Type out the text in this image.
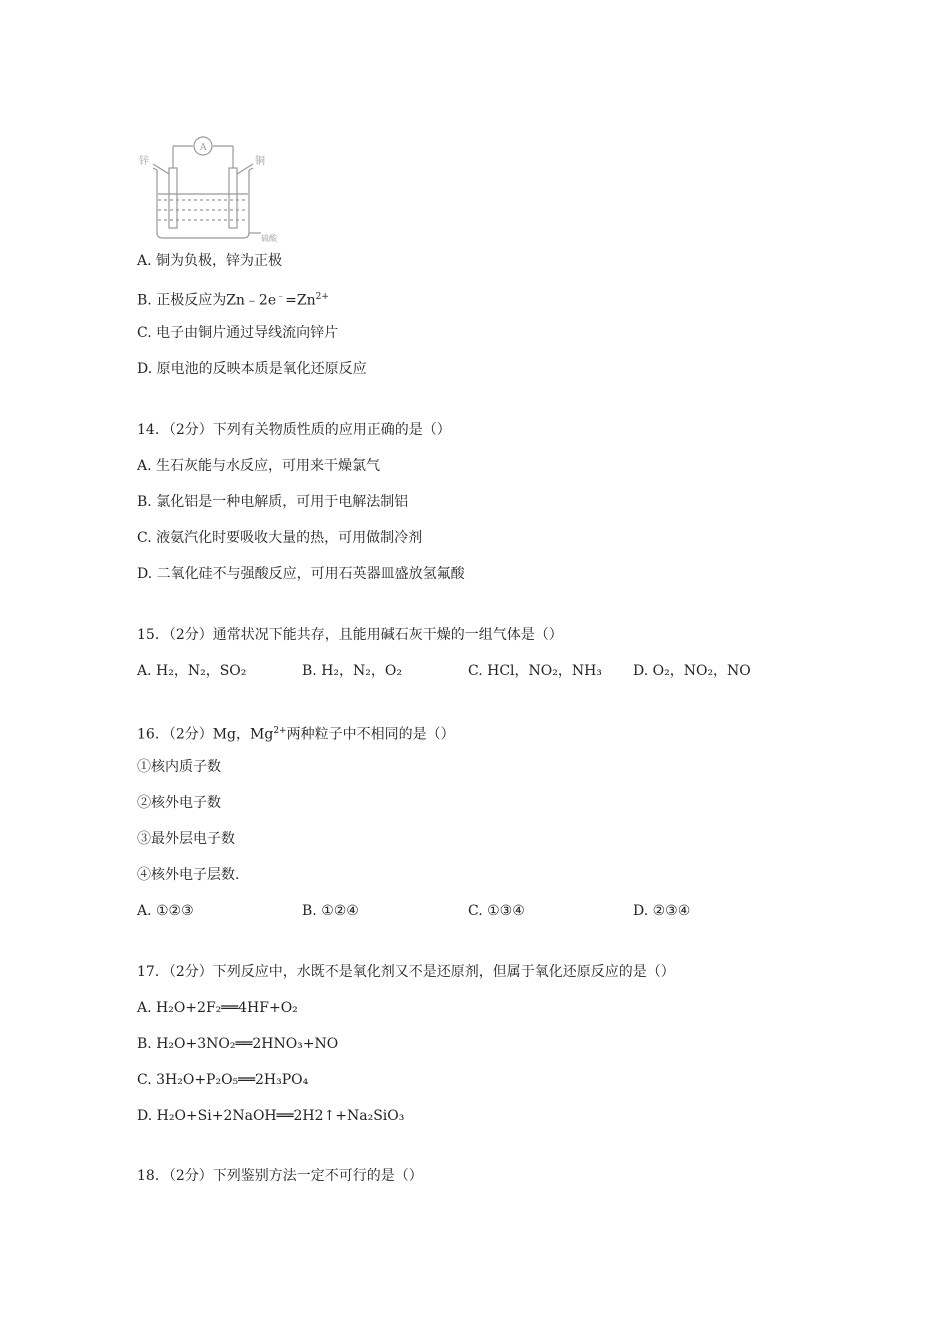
A
锌	铜
硫酸
A. 铜为负极，锌为正极
B. 正极反应为$Zn﹣2e^﹣=Zn^{2+}$
C. 电子由铜片通过导线流向锌片
D. 原电池的反映本质是氧化还原反应
14．（2分）下列有关物质性质的应用正确的是（）
A. 生石灰能与水反应，可用来干燥氯气
B. 氯化铝是一种电解质，可用于电解法制铝
C. 液氨汽化时要吸收大量的热，可用做制冷剂
D. 二氧化硅不与强酸反应，可用石英器皿盛放氢氟酸
15．（2分）通常状况下能共存，且能用碱石灰干燥的一组气体是（）
A. H₂，N₂，SO₂	B. H₂，N₂，O₂	C. HCl，NO₂，NH₃ D. O₂，NO₂，NO
16．（2分）Mg，$Mg^{2+}$两种粒子中不相同的是（）
①核内质子数
②核外电子数
③最外层电子数
④核外电子层数.
A. ①②③	B. ①②④	C. ①③④	D. ②③④
17．（2分）下列反应中，水既不是氧化剂又不是还原剂，但属于氧化还原反应的是（）
A. H₂O+2F₂══4HF+O₂
B. H₂O+3NO₂══2HNO₃+NO
C. 3H₂O+P₂O₅══2H₃PO₄
D. H₂O+Si+2NaOH══2H2↑+Na₂SiO₃
18．（2分）下列鉴别方法一定不可行的是（）
